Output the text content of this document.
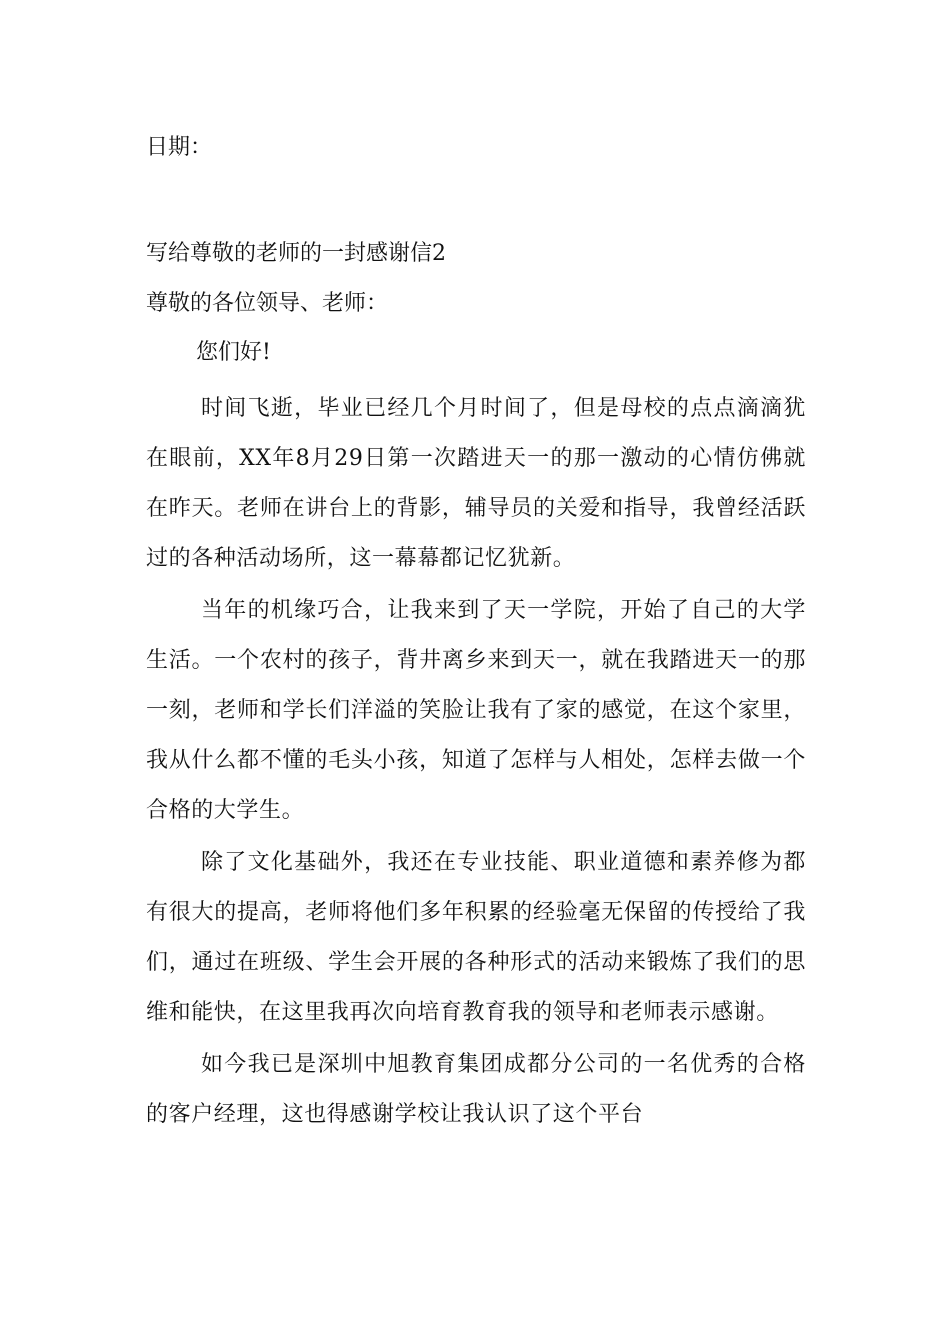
日期：

写给尊敬的老师的一封感谢信2

尊敬的各位领导、老师：

您们好!

时间飞逝，毕业已经几个月时间了，但是母校的点点滴滴犹在眼前，XX年8月29日第一次踏进天一的那一激动的心情仿佛就在昨天。老师在讲台上的背影，辅导员的关爱和指导，我曾经活跃过的各种活动场所，这一幕幕都记忆犹新。

当年的机缘巧合，让我来到了天一学院，开始了自己的大学生活。一个农村的孩子，背井离乡来到天一，就在我踏进天一的那一刻，老师和学长们洋溢的笑脸让我有了家的感觉，在这个家里，我从什么都不懂的毛头小孩，知道了怎样与人相处，怎样去做一个合格的大学生。

除了文化基础外，我还在专业技能、职业道德和素养修为都有很大的提高，老师将他们多年积累的经验毫无保留的传授给了我们，通过在班级、学生会开展的各种形式的活动来锻炼了我们的思维和能快，在这里我再次向培育教育我的领导和老师表示感谢。

如今我已是深圳中旭教育集团成都分公司的一名优秀的合格的客户经理，这也得感谢学校让我认识了这个平台
